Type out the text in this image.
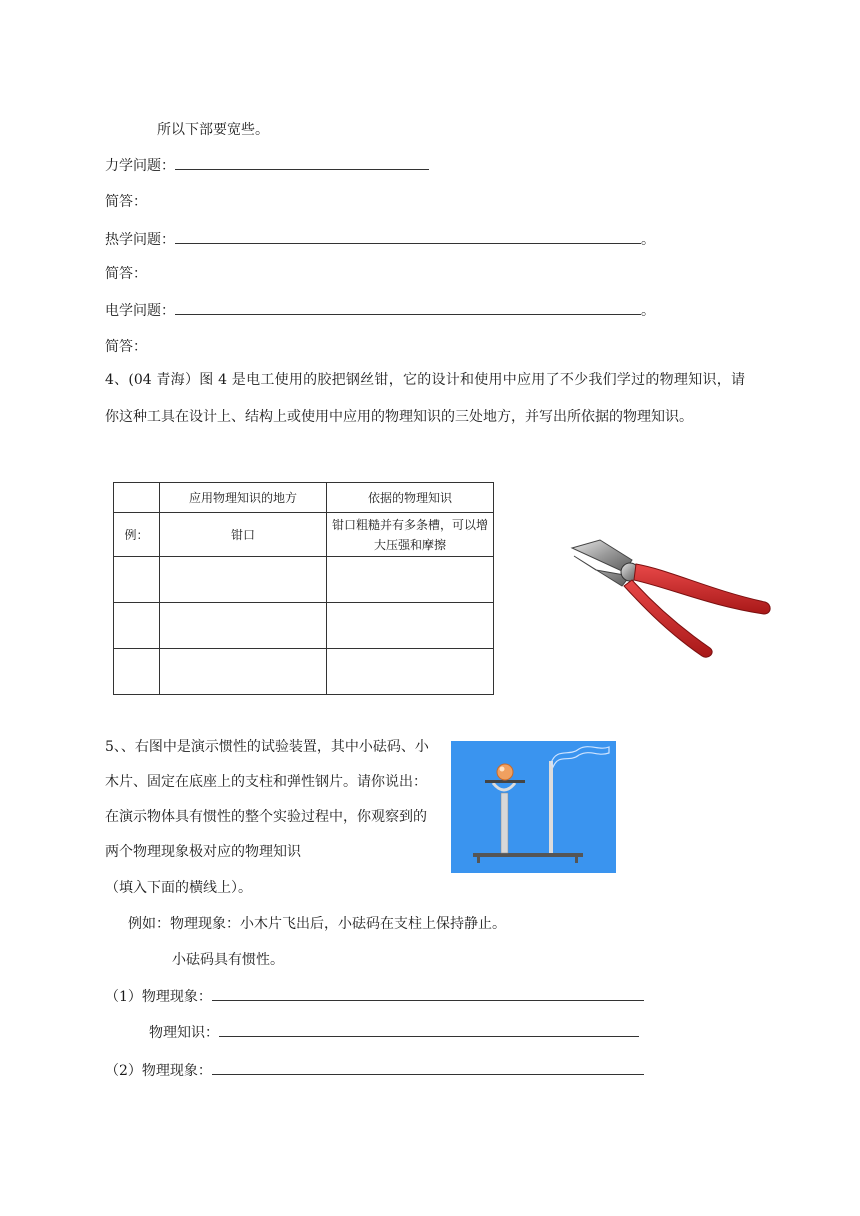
所以下部要宽些。
力学问题：
简答：
热学问题：	。
简答：
电学问题：	。
简答：
4、(04 青海）图 4 是电工使用的胶把钢丝钳，它的设计和使用中应用了不少我们学过的物理知识，请你这种工具在设计上、结构上或使用中应用的物理知识的三处地方，并写出所依据的物理知识。
	应用物理知识的地方	依据的物理知识
例：	钳口	钳口粗糙并有多条槽，可以增大压强和摩擦

5、、右图中是演示惯性的试验装置，其中小砝码、小木片、固定在底座上的支柱和弹性钢片。请你说出：在演示物体具有惯性的整个实验过程中，你观察到的两个物理现象极对应的物理知识
（填入下面的横线上）。
例如：物理现象：小木片飞出后，小砝码在支柱上保持静止。
小砝码具有惯性。
（1）物理现象：
物理知识：
（2）物理现象：
